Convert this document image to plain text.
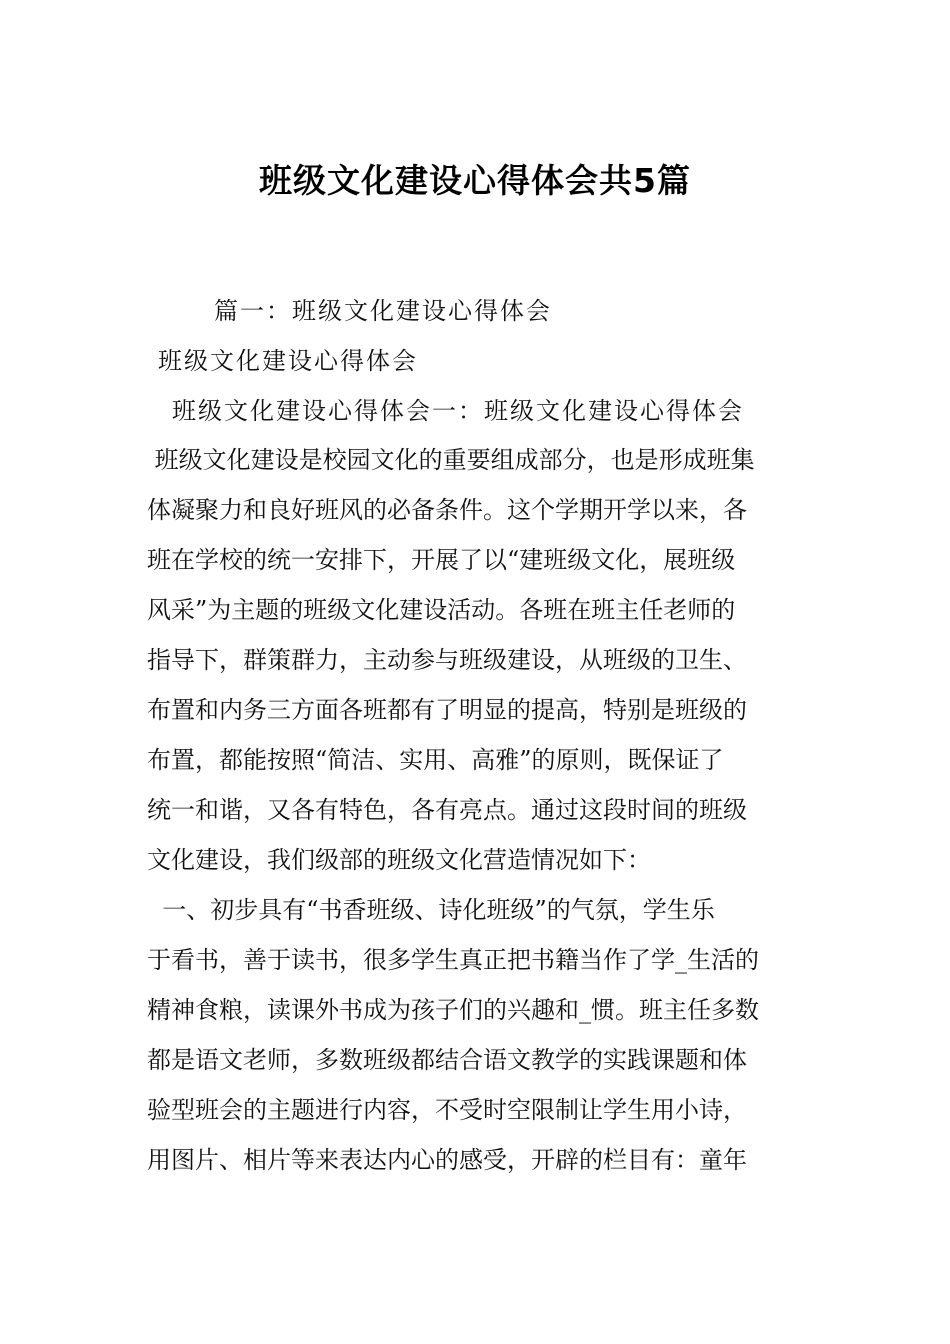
班级文化建设心得体会共5篇
篇一：班级文化建设心得体会
班级文化建设心得体会
班级文化建设心得体会一：班级文化建设心得体会
班级文化建设是校园文化的重要组成部分，也是形成班集
体凝聚力和良好班风的必备条件。这个学期开学以来，各
班在学校的统一安排下，开展了以“建班级文化，展班级
风采”为主题的班级文化建设活动。各班在班主任老师的
指导下，群策群力，主动参与班级建设，从班级的卫生、
布置和内务三方面各班都有了明显的提高，特别是班级的
布置，都能按照“简洁、实用、高雅”的原则，既保证了
统一和谐，又各有特色，各有亮点。通过这段时间的班级
文化建设，我们级部的班级文化营造情况如下：
一、初步具有“书香班级、诗化班级”的气氛，学生乐
于看书，善于读书，很多学生真正把书籍当作了学_生活的
精神食粮，读课外书成为孩子们的兴趣和_惯。班主任多数
都是语文老师，多数班级都结合语文教学的实践课题和体
验型班会的主题进行内容，不受时空限制让学生用小诗，
用图片、相片等来表达内心的感受，开辟的栏目有：童年
